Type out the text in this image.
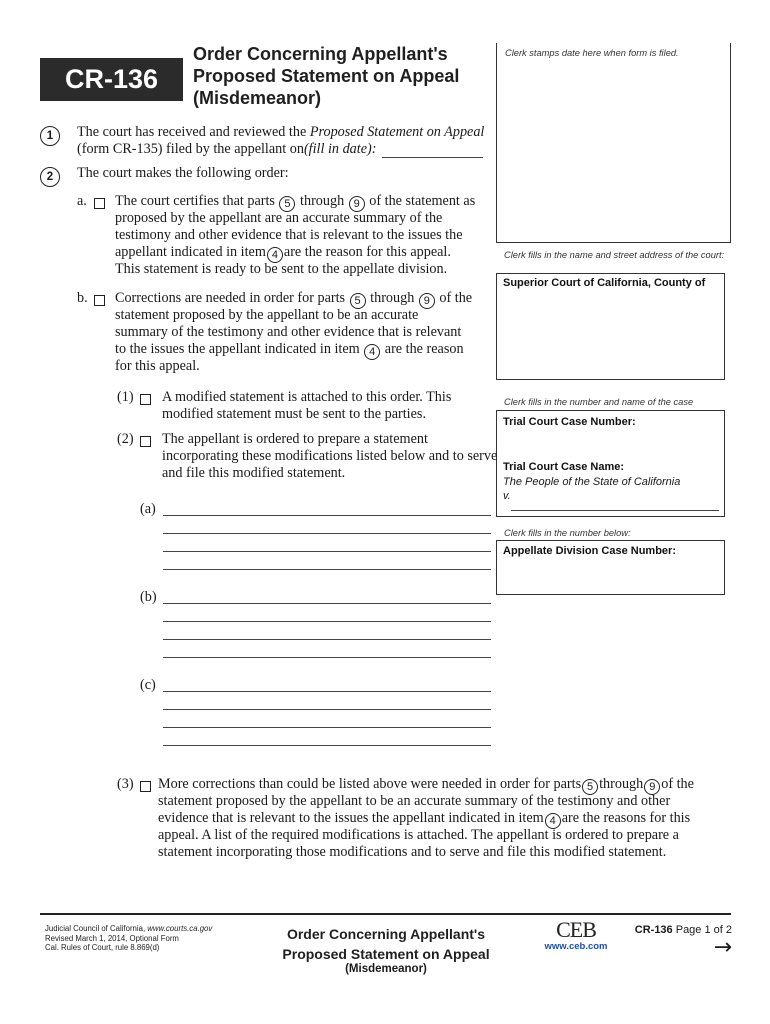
CR-136
Order Concerning Appellant's
Proposed Statement on Appeal
(Misdemeanor)
Clerk stamps date here when form is filed.
Clerk fills in the name and street address of the court:
Superior Court of California, County of
Clerk fills in the number and name of the case
Trial Court Case Number:
Trial Court Case Name:
The People of the State of California
v.
Clerk fills in the number below:
Appellate Division Case Number:
1	The court has received and reviewed the Proposed Statement on Appeal
(form CR-135) filed by the appellant on(fill in date):
2	The court makes the following order:
a. The court certifies that parts 5 through 9 of the statement as
proposed by the appellant are an accurate summary of the
testimony and other evidence that is relevant to the issues the
appellant indicated in item 4 are the reason for this appeal.
This statement is ready to be sent to the appellate division.
b. Corrections are needed in order for parts 5 through 9 of the
statement proposed by the appellant to be an accurate
summary of the testimony and other evidence that is relevant
to the issues the appellant indicated in item 4 are the reason
for this appeal.
(1) A modified statement is attached to this order. This
modified statement must be sent to the parties.
(2) The appellant is ordered to prepare a statement
incorporating these modifications listed below and to serve
and file this modified statement.
(a)
(b)
(c)
(3) More corrections than could be listed above were needed in order for parts 5 through 9 of the
statement proposed by the appellant to be an accurate summary of the testimony and other
evidence that is relevant to the issues the appellant indicated in item 4 are the reasons for this
appeal. A list of the required modifications is attached. The appellant is ordered to prepare a
statement incorporating those modifications and to serve and file this modified statement.
Judicial Council of California, www.courts.ca.gov
Revised March 1, 2014, Optional Form
Cal. Rules of Court, rule 8.869(d)
Order Concerning Appellant's
Proposed Statement on Appeal
(Misdemeanor)
CEB
www.ceb.com
CR-136 Page 1 of 2
→
